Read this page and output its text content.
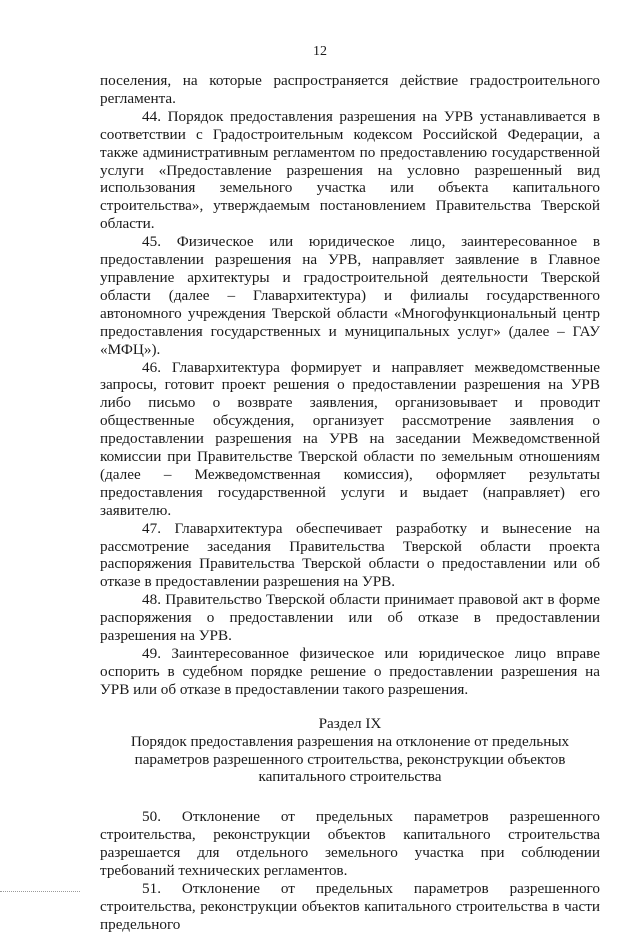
12

поселения, на которые распространяется действие градостроительного регламента.

44. Порядок предоставления разрешения на УРВ устанавливается в соответствии с Градостроительным кодексом Российской Федерации, а также административным регламентом по предоставлению государственной услуги «Предоставление разрешения на условно разрешенный вид использования земельного участка или объекта капитального строительства», утверждаемым постановлением Правительства Тверской области.

45. Физическое или юридическое лицо, заинтересованное в предоставлении разрешения на УРВ, направляет заявление в Главное управление архитектуры и градостроительной деятельности Тверской области (далее – Главархитектура) и филиалы государственного автономного учреждения Тверской области «Многофункциональный центр предоставления государственных и муниципальных услуг» (далее – ГАУ «МФЦ»).

46. Главархитектура формирует и направляет межведомственные запросы, готовит проект решения о предоставлении разрешения на УРВ либо письмо о возврате заявления, организовывает и проводит общественные обсуждения, организует рассмотрение заявления о предоставлении разрешения на УРВ на заседании Межведомственной комиссии при Правительстве Тверской области по земельным отношениям (далее – Межведомственная комиссия), оформляет результаты предоставления государственной услуги и выдает (направляет) его заявителю.

47. Главархитектура обеспечивает разработку и вынесение на рассмотрение заседания Правительства Тверской области проекта распоряжения Правительства Тверской области о предоставлении или об отказе в предоставлении разрешения на УРВ.

48. Правительство Тверской области принимает правовой акт в форме распоряжения о предоставлении или об отказе в предоставлении разрешения на УРВ.

49. Заинтересованное физическое или юридическое лицо вправе оспорить в судебном порядке решение о предоставлении разрешения на УРВ или об отказе в предоставлении такого разрешения.

Раздел IX
Порядок предоставления разрешения на отклонение от предельных
параметров разрешенного строительства, реконструкции объектов
капитального строительства

50. Отклонение от предельных параметров разрешенного строительства, реконструкции объектов капитального строительства разрешается для отдельного земельного участка при соблюдении требований технических регламентов.

51. Отклонение от предельных параметров разрешенного строительства, реконструкции объектов капитального строительства в части предельного
